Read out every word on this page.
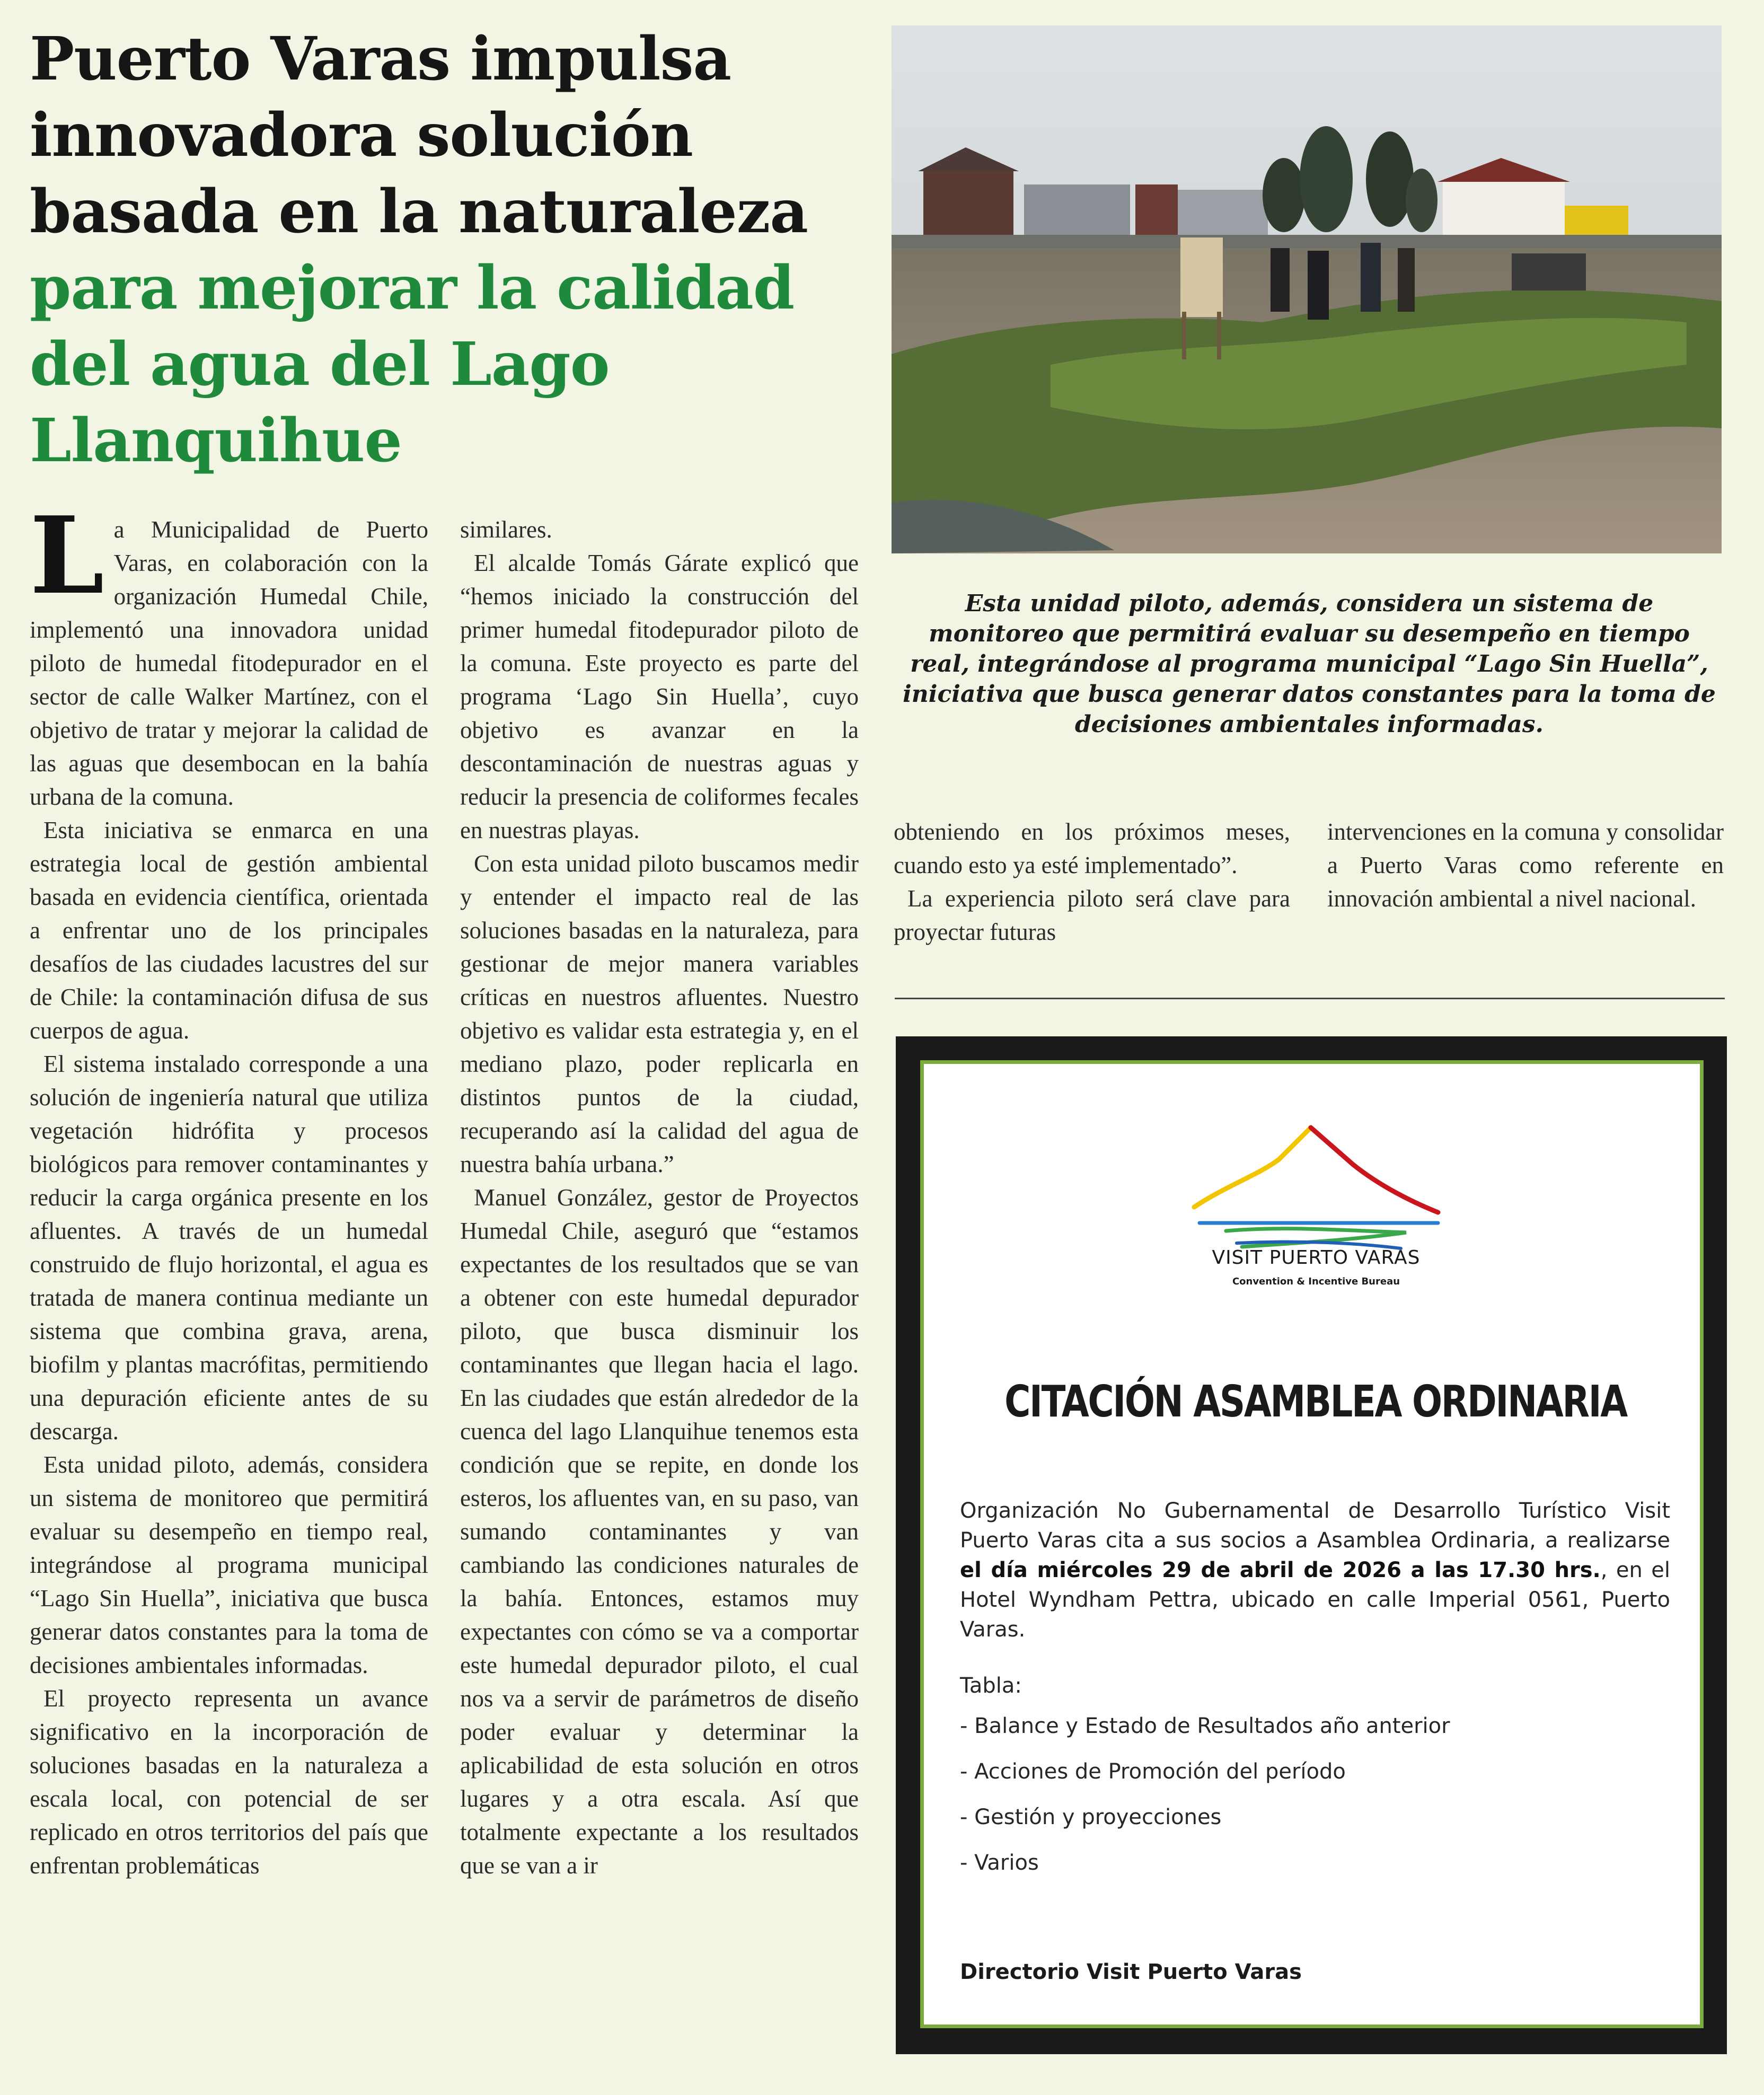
Puerto Varas impulsa innovadora solución basada en la naturaleza para mejorar la calidad del agua del Lago Llanquihue
L a Municipalidad de Puerto Varas, en colaboración con la organización Humedal Chile, implementó una innovadora unidad piloto de humedal fitodepurador en el sector de calle Walker Martínez, con el objetivo de tratar y mejorar la calidad de las aguas que desembocan en la bahía urbana de la comuna.

Esta iniciativa se enmarca en una estrategia local de gestión ambiental basada en evidencia científica, orientada a enfrentar uno de los principales desafíos de las ciudades lacustres del sur de Chile: la contaminación difusa de sus cuerpos de agua.

El sistema instalado corresponde a una solución de ingeniería natural que utiliza vegetación hidrófita y procesos biológicos para remover contaminantes y reducir la carga orgánica presente en los afluentes. A través de un humedal construido de flujo horizontal, el agua es tratada de manera continua mediante un sistema que combina grava, arena, biofilm y plantas macrófitas, permitiendo una depuración eficiente antes de su descarga.

Esta unidad piloto, además, considera un sistema de monitoreo que permitirá evaluar su desempeño en tiempo real, integrándose al programa municipal “Lago Sin Huella”, iniciativa que busca generar datos constantes para la toma de decisiones ambientales informadas.

El proyecto representa un avance significativo en la incorporación de soluciones basadas en la naturaleza a escala local, con potencial de ser replicado en otros territorios del país que enfrentan problemáticas

similares.

El alcalde Tomás Gárate explicó que “hemos iniciado la construcción del primer humedal fitodepurador piloto de la comuna. Este proyecto es parte del programa ‘Lago Sin Huella’, cuyo objetivo es avanzar en la descontaminación de nuestras aguas y reducir la presencia de coliformes fecales en nuestras playas.

Con esta unidad piloto buscamos medir y entender el impacto real de las soluciones basadas en la naturaleza, para gestionar de mejor manera variables críticas en nuestros afluentes. Nuestro objetivo es validar esta estrategia y, en el mediano plazo, poder replicarla en distintos puntos de la ciudad, recuperando así la calidad del agua de nuestra bahía urbana.”

Manuel González, gestor de Proyectos Humedal Chile, aseguró que “estamos expectantes de los resultados que se van a obtener con este humedal depurador piloto, que busca disminuir los contaminantes que llegan hacia el lago. En las ciudades que están alrededor de la cuenca del lago Llanquihue tenemos esta condición que se repite, en donde los esteros, los afluentes van, en su paso, van sumando contaminantes y van cambiando las condiciones naturales de la bahía. Entonces, estamos muy expectantes con cómo se va a comportar este humedal depurador piloto, el cual nos va a servir de parámetros de diseño poder evaluar y determinar la aplicabilidad de esta solución en otros lugares y a otra escala. Así que totalmente expectante a los resultados que se van a ir

Esta unidad piloto, además, considera un sistema de monitoreo que permitirá evaluar su desempeño en tiempo real, integrándose al programa municipal “Lago Sin Huella”, iniciativa que busca generar datos constantes para la toma de decisiones ambientales informadas.

obteniendo en los próximos meses, cuando esto ya esté implementado”.

La experiencia piloto será clave para proyectar futuras

intervenciones en la comuna y consolidar a Puerto Varas como referente en innovación ambiental a nivel nacional.

VISIT PUERTO VARAS
Convention & Incentive Bureau
CITACIÓN ASAMBLEA ORDINARIA
Organización No Gubernamental de Desarrollo Turístico Visit Puerto Varas cita a sus socios a Asamblea Ordinaria, a realizarse el día miércoles 29 de abril de 2026 a las 17.30 hrs., en el Hotel Wyndham Pettra, ubicado en calle Imperial 0561, Puerto Varas.
Tabla:
- Balance y Estado de Resultados año anterior
- Acciones de Promoción del período
- Gestión y proyecciones
- Varios
Directorio Visit Puerto Varas
